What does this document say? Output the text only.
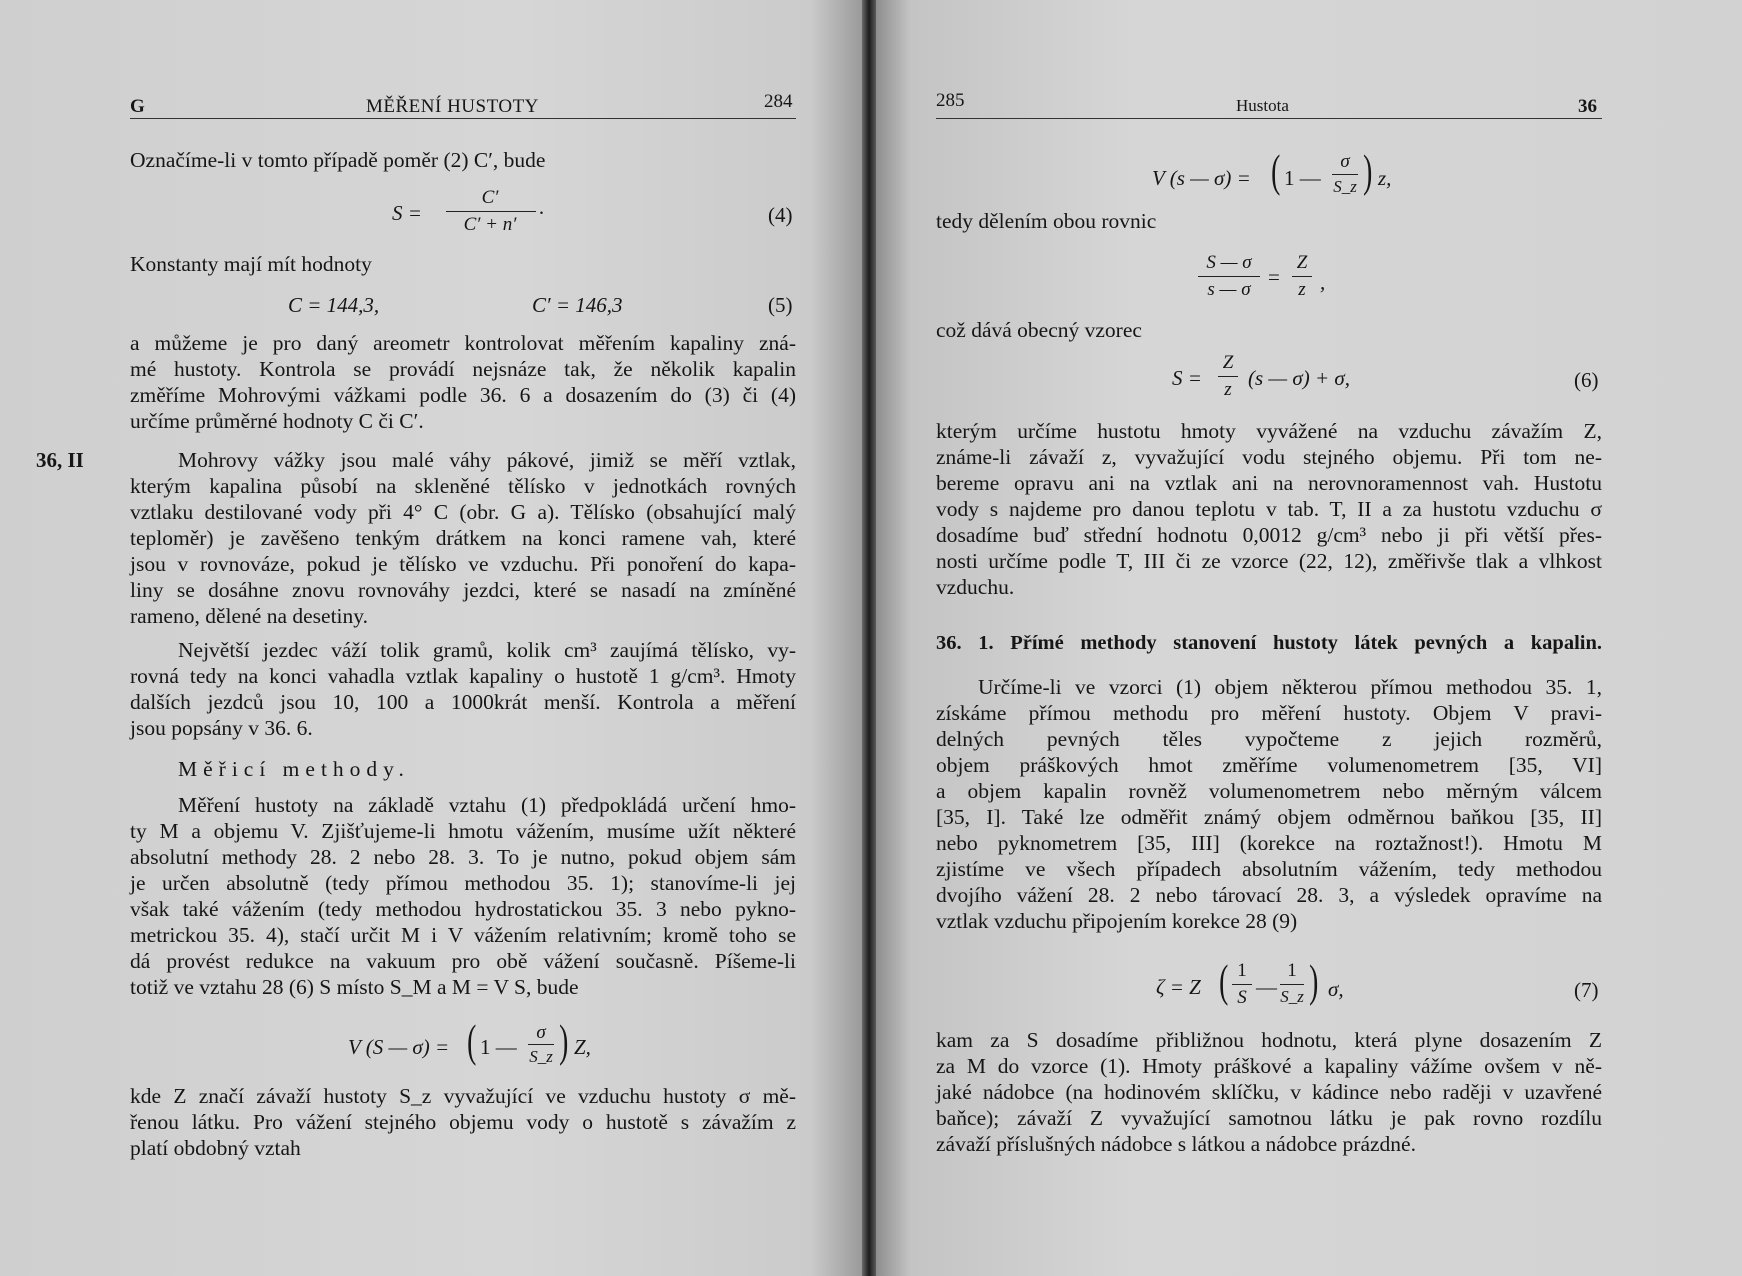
G	MĚŘENÍ HUSTOTY	284
Označíme-li v tomto případě poměr (2) C′, bude
S =
C′
C′ + n′	·	(4)
Konstanty mají mít hodnoty
C = 144,3,	C′ = 146,3	(5)
a můžeme je pro daný areometr kontrolovat měřením kapaliny zná-
mé hustoty. Kontrola se provádí nejsnáze tak, že několik kapalin
změříme Mohrovými vážkami podle 36. 6 a dosazením do (3) či (4)
určíme průměrné hodnoty C či C′.
36, II	Mohrovy vážky jsou malé váhy pákové, jimiž se měří vztlak,
kterým kapalina působí na skleněné tělísko v jednotkách rovných
vztlaku destilované vody při 4° C (obr. G a). Tělísko (obsahující malý
teploměr) je zavěšeno tenkým drátkem na konci ramene vah, které
jsou v rovnováze, pokud je tělísko ve vzduchu. Při ponoření do kapa-
liny se dosáhne znovu rovnováhy jezdci, které se nasadí na zmíněné
rameno, dělené na desetiny.
Největší jezdec váží tolik gramů, kolik cm³ zaujímá tělísko, vy-
rovná tedy na konci vahadla vztlak kapaliny o hustotě 1 g/cm³. Hmoty
dalších jezdců jsou 10, 100 a 1000krát menší. Kontrola a měření
jsou popsány v 36. 6.
Měřicí methody.
Měření hustoty na základě vztahu (1) předpokládá určení hmo-
ty M a objemu V. Zjišťujeme-li hmotu vážením, musíme užít některé
absolutní methody 28. 2 nebo 28. 3. To je nutno, pokud objem sám
je určen absolutně (tedy přímou methodou 35. 1); stanovíme-li jej
však také vážením (tedy methodou hydrostatickou 35. 3 nebo pykno-
metrickou 35. 4), stačí určit M i V vážením relativním; kromě toho se
dá provést redukce na vakuum pro obě vážení současně. Píšeme-li
totiž ve vztahu 28 (6) S místo S_M a M = V S, bude
V (S — σ) = ( 1 —
σ
S_z ) Z,
kde Z značí závaží hustoty S_z vyvažující ve vzduchu hustoty σ mě-
řenou látku. Pro vážení stejného objemu vody o hustotě s závažím z
platí obdobný vztah
285	Hustota	36
V (s — σ) = ( 1 —
σ
S_z ) z,
tedy dělením obou rovnic
S — σ
s — σ
=
Z
z ,
což dává obecný vzorec
S =
Z
z (s — σ) + σ,	(6)
kterým určíme hustotu hmoty vyvážené na vzduchu závažím Z,
známe-li závaží z, vyvažující vodu stejného objemu. Při tom ne-
bereme opravu ani na vztlak ani na nerovnoramennost vah. Hustotu
vody s najdeme pro danou teplotu v tab. T, II a za hustotu vzduchu σ
dosadíme buď střední hodnotu 0,0012 g/cm³ nebo ji při větší přes-
nosti určíme podle T, III či ze vzorce (22, 12), změřivše tlak a vlhkost
vzduchu.
36. 1. Přímé methody stanovení hustoty látek pevných a kapalin.
Určíme-li ve vzorci (1) objem některou přímou methodou 35. 1,
získáme přímou methodu pro měření hustoty. Objem V pravi-
delných pevných těles vypočteme z jejich rozměrů,
objem práškových hmot změříme volumenometrem [35, VI]
a objem kapalin rovněž volumenometrem nebo měrným válcem
[35, I]. Také lze odměřit známý objem odměrnou baňkou [35, II]
nebo pyknometrem [35, III] (korekce na roztažnost!). Hmotu M
zjistíme ve všech případech absolutním vážením, tedy methodou
dvojího vážení 28. 2 nebo tárovací 28. 3, a výsledek opravíme na
vztlak vzduchu připojením korekce 28 (9)
ζ = Z ( 1
S —
1
S_z ) σ,	(7)
kam za S dosadíme přibližnou hodnotu, která plyne dosazením Z
za M do vzorce (1). Hmoty práškové a kapaliny vážíme ovšem v ně-
jaké nádobce (na hodinovém sklíčku, v kádince nebo raději v uzavřené
baňce); závaží Z vyvažující samotnou látku je pak rovno rozdílu
závaží příslušných nádobce s látkou a nádobce prázdné.
